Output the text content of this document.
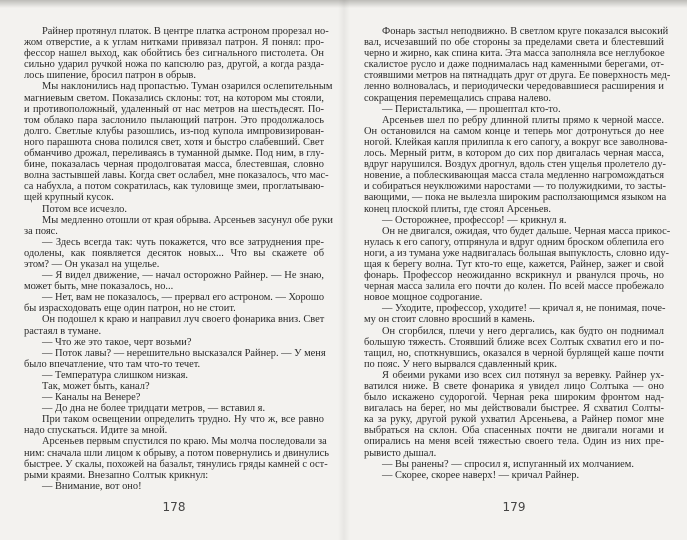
Райнер протянул платок. В центре платка астроном прорезал но-
жом отверстие, а к углам нитками привязал патрон. Я понял: про-
фессор нашел выход, как обойтись без сигнального пистолета. Он
сильно ударил ручкой ножа по капсюлю раз, другой, а когда разда-
лось шипение, бросил патрон в обрыв.
Мы наклонились над пропастью. Туман озарился ослепительным
магниевым светом. Показались склоны: тот, на котором мы стояли,
и противоположный, удаленный от нас метров на шестьдесят. По-
том облако пара заслонило пылающий патрон. Это продолжалось
долго. Светлые клубы разошлись, из-под купола импровизирован-
ного парашюта снова полился свет, хотя и быстро слабевший. Свет
обманчиво дрожал, переливаясь в туманной дымке. Под ним, в глу-
бине, показалась черная продолговатая масса, блестевшая, словно
волна застывшей лавы. Когда свет ослабел, мне показалось, что мас-
са набухла, а потом сократилась, как туловище змеи, проглатываю-
щей крупный кусок.
Потом все исчезло.
Мы медленно отошли от края обрыва. Арсеньев засунул обе руки
за пояс.
— Здесь всегда так: чуть покажется, что все затруднения пре-
одолены, как появляется десяток новых... Что вы скажете об
этом? — Он указал на ущелье.
— Я видел движение, — начал осторожно Райнер. — Не знаю,
может быть, мне показалось, но...
— Нет, вам не показалось, — прервал его астроном. — Хорошо
бы израсходовать еще один патрон, но не стоит.
Он подошел к краю и направил луч своего фонарика вниз. Свет
растаял в тумане.
— Что же это такое, черт возьми?
— Поток лавы? — нерешительно высказался Райнер. — У меня
было впечатление, что там что-то течет.
— Температура слишком низкая.
Так, может быть, канал?
— Каналы на Венере?
— До дна не более тридцати метров, — вставил я.
При таком освещении определить трудно. Ну что ж, все равно
надо спускаться. Идите за мной.
Арсеньев первым спустился по краю. Мы молча последовали за
ним: сначала шли лицом к обрыву, а потом повернулись и двинулись
быстрее. У скалы, похожей на базальт, тянулись гряды камней с ост-
рыми краями. Внезапно Солтык крикнул:
— Внимание, вот оно!
Фонарь застыл неподвижно. В светлом круге показался высокий
вал, исчезавший по обе стороны за пределами света и блестевший
черно и жирно, как спина кита. Эта масса заполняла все неглубокое
скалистое русло и даже поднималась над каменными берегами, от-
стоявшими метров на пятнадцать друг от друга. Ее поверхность мед-
ленно волновалась, и периодически чередовавшиеся расширения и
сокращения перемещались справа налево.
— Перистальтика, — прошептал кто-то.
Арсеньев шел по ребру длинной плиты прямо к черной массе.
Он остановился на самом конце и теперь мог дотронуться до нее
ногой. Клейкая капля прилипла к его сапогу, а вокруг все заволнова-
лось. Мерный ритм, в котором до сих пор двигалась черная масса,
вдруг нарушился. Воздух дрогнул, вдоль стен ущелья пролетело ду-
новение, а поблескивающая масса стала медленно нагромождаться
и собираться неуклюжими наростами — то полужидкими, то засты-
вающими, — пока не вылезла широким расползающимся языком на
конец плоской плиты, где стоял Арсеньев.
— Осторожнее, профессор! — крикнул я.
Он не двигался, ожидая, что будет дальше. Черная масса прикос-
нулась к его сапогу, отпрянула и вдруг одним броском облепила его
ноги, а из тумана уже надвигалась большая выпуклость, словно иду-
щая к берегу волна. Тут кто-то еще, кажется, Райнер, зажег и свой
фонарь. Профессор неожиданно вскрикнул и рванулся прочь, но
черная масса залила его почти до колен. По всей массе пробежало
новое мощное содрогание.
— Уходите, профессор, уходите! — кричал я, не понимая, поче-
му он стоит словно вросший в камень.
Он сгорбился, плечи у него дергались, как будто он поднимал
большую тяжесть. Стоявший ближе всех Солтык схватил его и по-
тащил, но, споткнувшись, оказался в черной бурлящей каше почти
по пояс. У него вырвался сдавленный крик.
Я обеими руками изо всех сил потянул за веревку. Райнер ух-
ватился ниже. В свете фонарика я увидел лицо Солтыка — оно
было искажено судорогой. Черная река широким фронтом над-
вигалась на берег, но мы действовали быстрее. Я схватил Солты-
ка за руку, другой рукой ухватил Арсеньева, а Райнер помог мне
выбраться на склон. Оба спасенных почти не двигали ногами и
опирались на меня всей тяжестью своего тела. Один из них пре-
рывисто дышал.
— Вы ранены? — спросил я, испуганный их молчанием.
— Скорее, скорее наверх! — кричал Райнер.
178	179
